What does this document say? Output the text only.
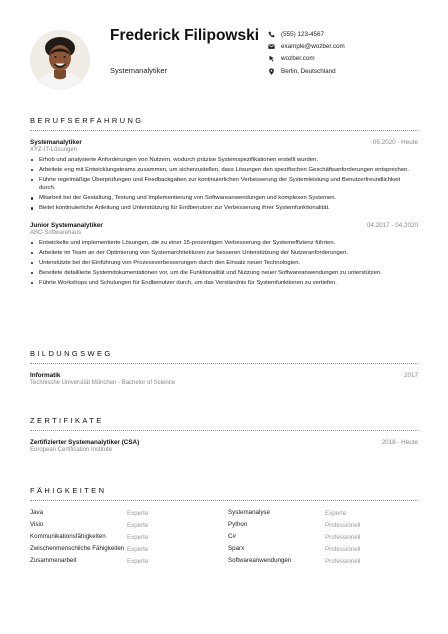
Frederick Filipowski
Systemanalytiker
(555) 123-4567
example@wozber.com
wozber.com
Berlin, Deutschland
BERUFSERFAHRUNG
Systemanalytiker	05.2020 - Heute
XYZ-IT-Lösungen
Erhob und analysierte Anforderungen von Nutzern, wodurch präzise Systemspezifikationen erstellt wurden.
Arbeitete eng mit Entwicklungsteams zusammen, um sicherzustellen, dass Lösungen den spezifischen Geschäftsanforderungen entsprechen.
Führte regelmäßige Überprüfungen und Feedbackgaben zur kontinuierlichen Verbesserung der Systemleistung und Benutzerfreundlichkeit durch.
Mitarbeit bei der Gestaltung, Testung und Implementierung von Softwareanwendungen und komplexen Systemen.
Bietet kontinuierliche Anleitung und Unterstützung für Endbenutzer zur Verbesserung ihrer Systemfunktionalität.
Junior Systemanalytiker	04.2017 - 04.2020
ABC-Softwarehaus
Entwickelte und implementierte Lösungen, die zu einer 15-prozentigen Verbesserung der Systemeffizienz führten.
Arbeitete im Team an der Optimierung von Systemarchitekturen zur besseren Unterstützung der Nutzeranforderungen.
Unterstützte bei der Einführung von Prozessverbesserungen durch den Einsatz neuer Technologien.
Bereitete detaillierte Systemdokumentationen vor, um die Funktionalität und Nutzung neuer Softwareanwendungen zu unterstützen.
Führte Workshops und Schulungen für Endbenutzer durch, um das Verständnis für Systemfunktionen zu vertiefen.
BILDUNGSWEG
Informatik	2017
Technische Universität München - Bachelor of Science
ZERTIFIKATE
Zertifizierter Systemanalytiker (CSA)	2018 - Heute
European Certification Institute
FÄHIGKEITEN
Java	Experte
Visio	Experte
Kommunikationsfähigkeiten	Experte
Zwischenmenschliche Fähigkeiten Experte
Zusammenarbeit	Experte
Systemanalyse	Experte
Python	Professionell
C#	Professionell
Sparx	Professionell
Softwareanwendungen	Professionell
